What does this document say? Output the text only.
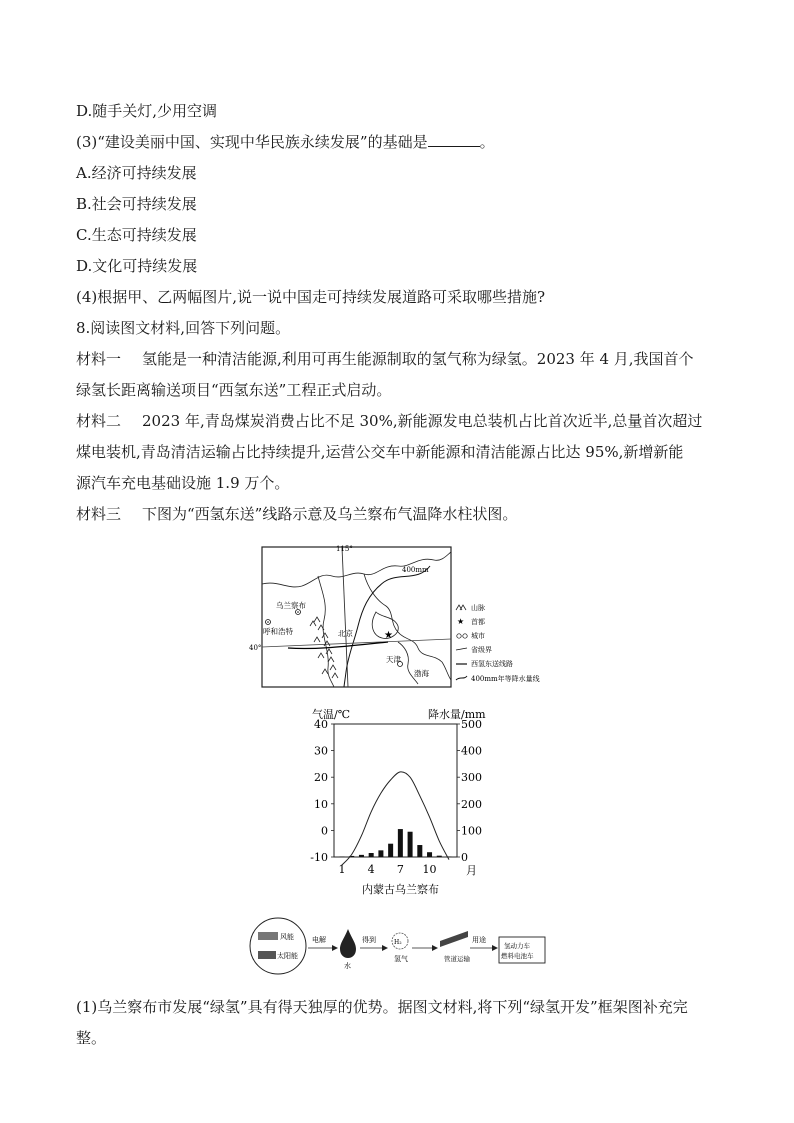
D.随手关灯,少用空调
(3)“建设美丽中国、实现中华民族永续发展”的基础是	。
A.经济可持续发展
B.社会可持续发展
C.生态可持续发展
D.文化可持续发展
(4)根据甲、乙两幅图片,说一说中国走可持续发展道路可采取哪些措施?
8.阅读图文材料,回答下列问题。
材料一 氢能是一种清洁能源,利用可再生能源制取的氢气称为绿氢。2023 年 4 月,我国首个
绿氢长距离输送项目“西氢东送”工程正式启动。
材料二 2023 年,青岛煤炭消费占比不足 30%,新能源发电总装机占比首次近半,总量首次超过
煤电装机,青岛清洁运输占比持续提升,运营公交车中新能源和清洁能源占比达 95%,新增新能
源汽车充电基础设施 1.9 万个。
材料三 下图为“西氢东送”线路示意及乌兰察布气温降水柱状图。
115°
400mm
40°
乌兰察布
呼和浩特	★
北京
天津
渤海
山脉
★ 首都
城市
省级界
西氢东送线路
400mm年等降水量线
气温/℃	降水量/mm
40
30
20
10
0
-10
500
400
300
200
100
0
1 4 7 10	月
内蒙古乌兰察布
风能
太阳能
电解
水
得到	H₂
氢气	管道运输
用途
氢动力车
燃料电池车
(1)乌兰察布市发展“绿氢”具有得天独厚的优势。据图文材料,将下列“绿氢开发”框架图补充完
整。
